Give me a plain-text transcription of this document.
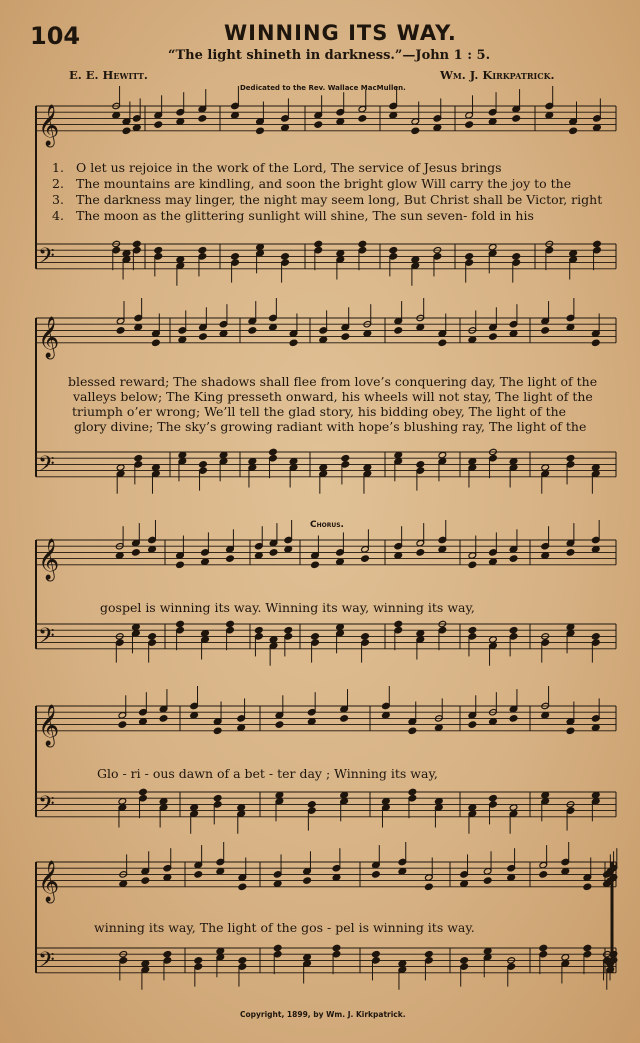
104	WINNING ITS WAY.
“The light shineth in darkness.”—John 1 : 5.
E. E. Hewitt.	Wm. J. Kirkpatrick.
Dedicated to the Rev. Wallace MacMullen.
𝄞
𝄢
𝄞
𝄢
𝄞
𝄢
𝄞
𝄢
𝄞
𝄢
1. O let us rejoice in the work of the Lord, The service of Jesus brings
2. The mountains are kindling, and soon the bright glow Will carry the joy to the
3. The darkness may linger, the night may seem long, But Christ shall be Victor, right
4. The moon as the glittering sunlight will shine, The sun seven- fold in his
blessed reward; The shadows shall flee from love’s conquering day, The light of the
valleys below; The King presseth onward, his wheels will not stay, The light of the
triumph o’er wrong; We’ll tell the glad story, his bidding obey, The light of the
glory divine; The sky’s growing radiant with hope’s blushing ray, The light of the
Chorus.
gospel is winning its way. Winning its way, winning its way,
Glo - ri - ous dawn of a bet - ter day ; Winning its way,
winning its way, The light of the gos - pel is winning its way.
Copyright, 1899, by Wm. J. Kirkpatrick.
